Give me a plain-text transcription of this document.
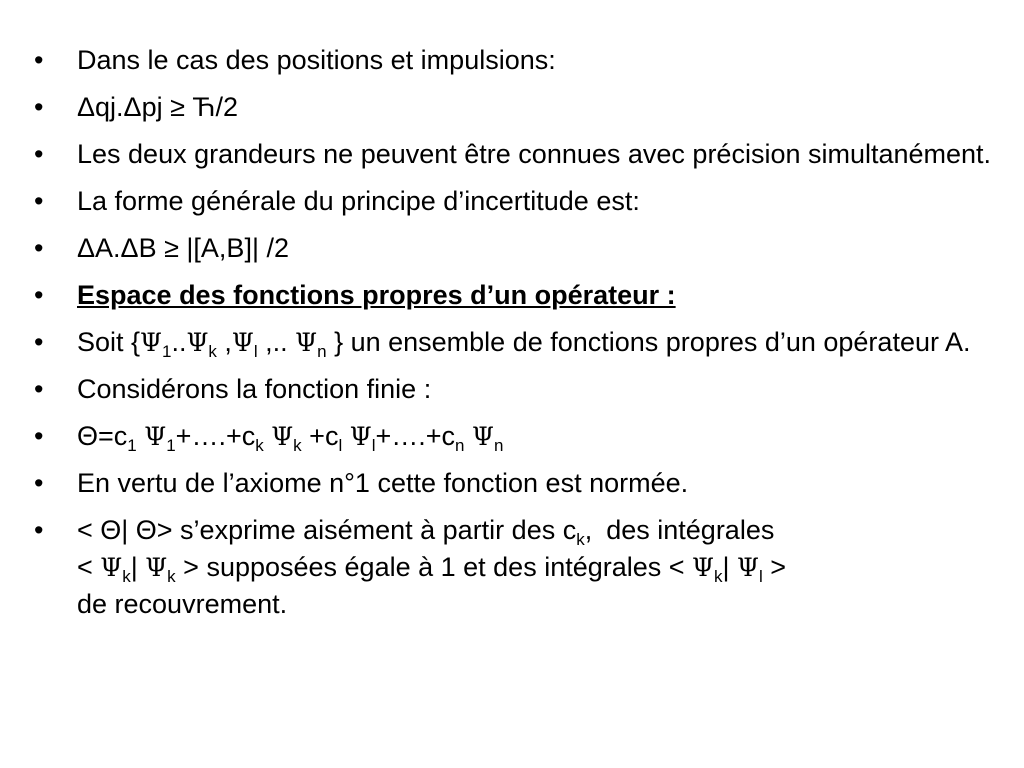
• Dans le cas des positions et impulsions:
• Δqj.Δpj ≥ Ћ/2
• Les deux grandeurs ne peuvent être connues avec précision simultanément.
• La forme générale du principe d’incertitude est:
• ΔA.ΔB ≥ |[A,B]| /2
• Espace des fonctions propres d’un opérateur :
• Soit {$\Psi_1..\Psi_k$ $,\Psi_l$ ,.. $\Psi_n$ } un ensemble de fonctions propres d’un opérateur A.
• Considérons la fonction finie :
• $\Theta=c_1$ $\Psi_1+\dots.+c_k$ $\Psi_k +c_l$ $\Psi_l+\dots.+c_n$ $\Psi_n$
• En vertu de l’axiome n°1 cette fonction est normée.
• < Θ| Θ> s’exprime aisément à partir des $c_k$, des intégrales
< $\Psi_k|$ $\Psi_k$ > supposées égale à 1 et des intégrales < $\Psi_k|$ $\Psi_l$ >
de recouvrement.
